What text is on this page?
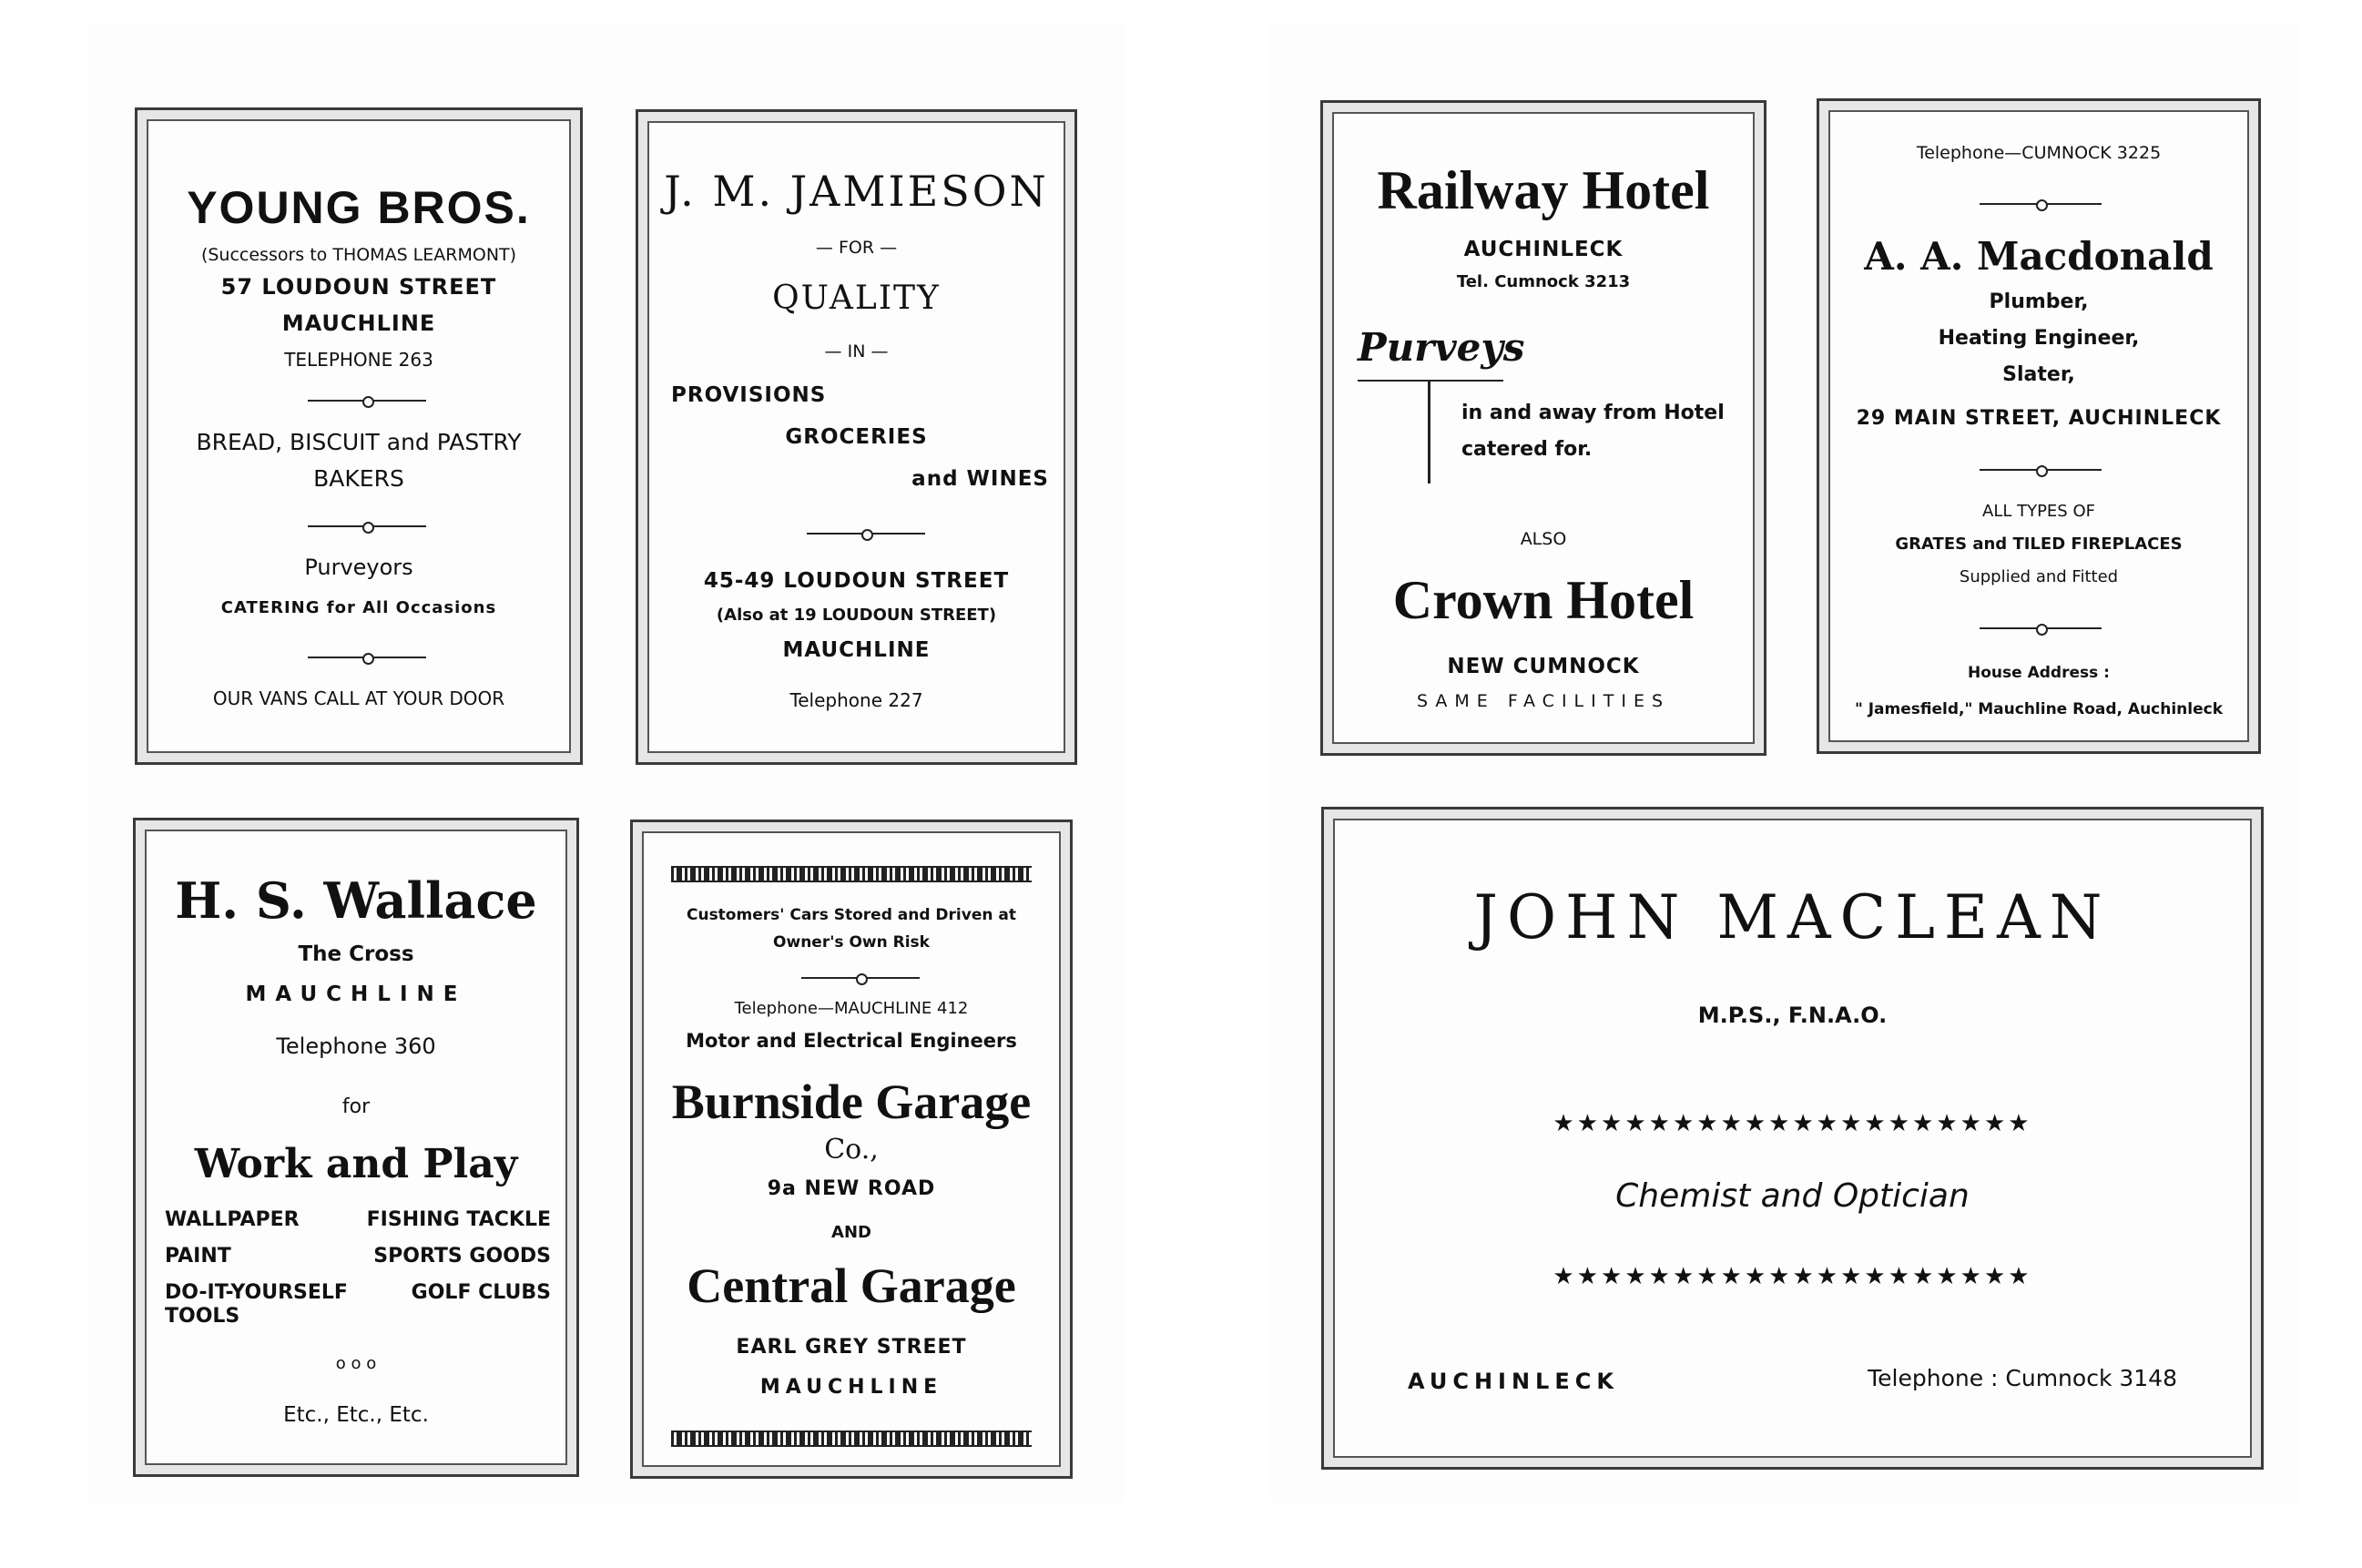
YOUNG BROS.
(Successors to THOMAS LEARMONT)
57 LOUDOUN STREET
MAUCHLINE
TELEPHONE 263
BREAD, BISCUIT and PASTRY
BAKERS
Purveyors
CATERING for All Occasions
OUR VANS CALL AT YOUR DOOR
J. M. JAMIESON
— FOR —
QUALITY
— IN —
PROVISIONS
GROCERIES
and WINES
45-49 LOUDOUN STREET
(Also at 19 LOUDOUN STREET)
MAUCHLINE
Telephone 227
Railway Hotel
AUCHINLECK
Tel. Cumnock 3213
Purveys
in and away from Hotel
catered for.
ALSO
Crown Hotel
NEW CUMNOCK
SAME FACILITIES
Telephone—CUMNOCK 3225
A. A. Macdonald
Plumber,
Heating Engineer,
Slater,
29 MAIN STREET, AUCHINLECK
ALL TYPES OF
GRATES and TILED FIREPLACES
Supplied and Fitted
House Address :
" Jamesfield," Mauchline Road, Auchinleck
H. S. Wallace
The Cross
MAUCHLINE
Telephone 360
for
Work and Play
WALLPAPER	FISHING TACKLE
PAINT	SPORTS GOODS
DO-IT-YOURSELF	GOLF CLUBS
TOOLS
o o o
Etc., Etc., Etc.
Customers' Cars Stored and Driven at
Owner's Own Risk
Telephone—MAUCHLINE 412
Motor and Electrical Engineers
Burnside Garage
Co.,
9a NEW ROAD
AND
Central Garage
EARL GREY STREET
MAUCHLINE
JOHN MACLEAN
M.P.S., F.N.A.O.
★★★★★★★★★★★★★★★★★★★★
Chemist and Optician
★★★★★★★★★★★★★★★★★★★★
AUCHINLECK	Telephone : Cumnock 3148
